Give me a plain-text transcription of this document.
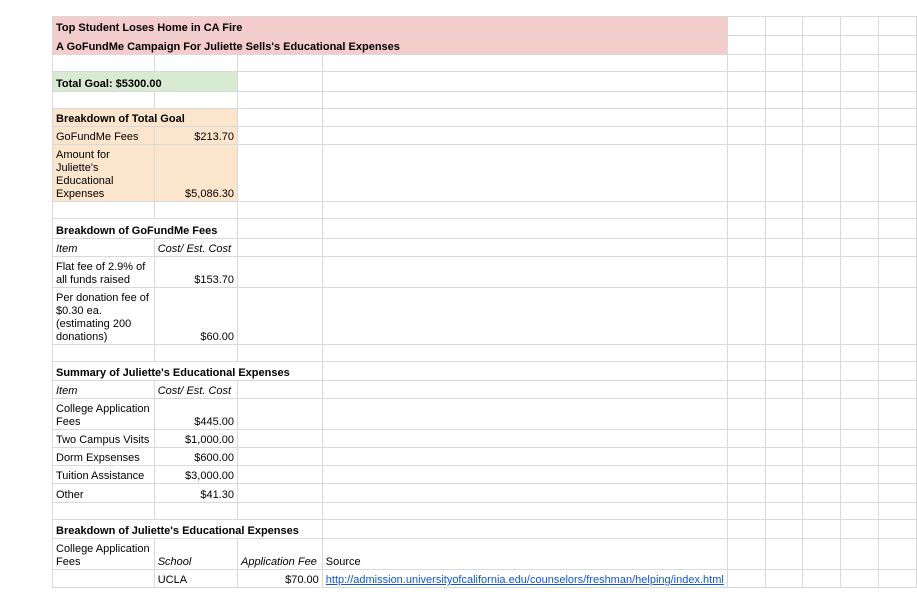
Top Student Loses Home in CA Fire								
A GoFundMe Campaign For Juliette Sells's Educational Expenses								

Total Goal: $5300.00								

Breakdown of Total Goal								
GoFundMe Fees	$213.70							
Amount for Juliette's Educational Expenses	$5,086.30							

Breakdown of GoFundMe Fees								
Item	Cost/ Est. Cost							
Flat fee of 2.9% of all funds raised	$153.70							
Per donation fee of $0.30 ea. (estimating 200 donations)	$60.00							

Summary of Juliette's Educational Expenses								
Item	Cost/ Est. Cost							
College Application Fees	$445.00							
Two Campus Visits	$1,000.00							
Dorm Expsenses	$600.00							
Tuition Assistance	$3,000.00							
Other	$41.30							

Breakdown of Juliette's Educational Expenses								
College Application Fees	School	Application Fee	Source					
	UCLA	$70.00	http://admission.universityofcalifornia.edu/counselors/freshman/helping/index.html					
